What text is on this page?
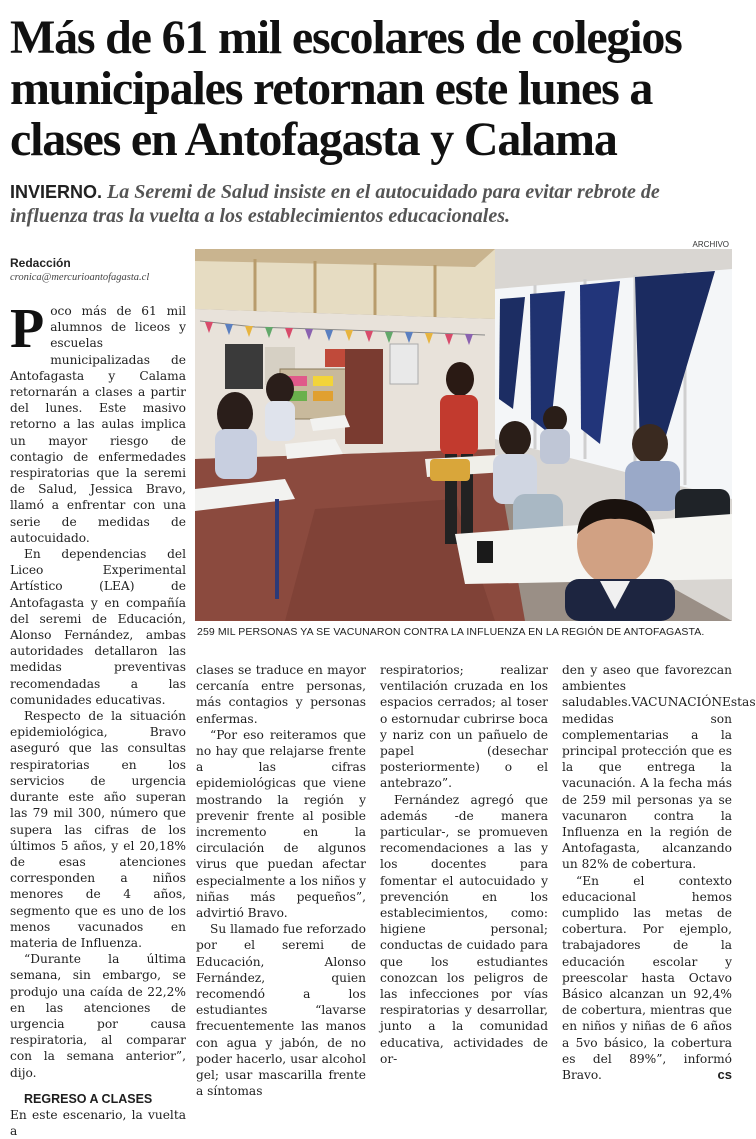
Más de 61 mil escolares de colegios municipales retornan este lunes a clases en Antofagasta y Calama
INVIERNO. La Seremi de Salud insiste en el autocuidado para evitar rebrote de influenza tras la vuelta a los establecimientos educacionales.
Redacción
cronica@mercurioantofagasta.cl
ARCHIVO
259 MIL PERSONAS YA SE VACUNARON CONTRA LA INFLUENZA EN LA REGIÓN DE ANTOFAGASTA.

Poco más de 61 mil alumnos de liceos y escuelas municipalizadas de Antofagasta y Calama retornarán a clases a partir del lunes. Este masivo retorno a las aulas implica un mayor riesgo de contagio de enfermedades respiratorias que la seremi de Salud, Jessica Bravo, llamó a enfrentar con una serie de medidas de autocuidado.

En dependencias del Liceo Experimental Artístico (LEA) de Antofagasta y en compañía del seremi de Educación, Alonso Fernández, ambas autoridades detallaron las medidas preventivas recomendadas a las comunidades educativas.

Respecto de la situación epidemiológica, Bravo aseguró que las consultas respiratorias en los servicios de urgencia durante este año superan las 79 mil 300, número que supera las cifras de los últimos 5 años, y el 20,18% de esas atenciones corresponden a niños menores de 4 años, segmento que es uno de los menos vacunados en materia de Influenza.

“Durante la última semana, sin embargo, se produjo una caída de 22,2% en las atenciones de urgencia por causa respiratoria, al comparar con la semana anterior”, dijo.

REGRESO A CLASES

En este escenario, la vuelta a

clases se traduce en mayor cercanía entre personas, más contagios y personas enfermas.

“Por eso reiteramos que no hay que relajarse frente a las cifras epidemiológicas que viene mostrando la región y prevenir frente al posible incremento en la circulación de algunos virus que puedan afectar especialmente a los niños y niñas más pequeños”, advirtió Bravo.

Su llamado fue reforzado por el seremi de Educación, Alonso Fernández, quien recomendó a los estudiantes “lavarse frecuentemente las manos con agua y jabón, de no poder hacerlo, usar alcohol gel; usar mascarilla frente a síntomas

respiratorios; realizar ventilación cruzada en los espacios cerrados; al toser o estornudar cubrirse boca y nariz con un pañuelo de papel (desechar posteriormente) o el antebrazo”.

Fernández agregó que además -de manera particular-, se promueven recomendaciones a las y los docentes para fomentar el autocuidado y prevención en los establecimientos, como: higiene personal; conductas de cuidado para que los estudiantes conozcan los peligros de las infecciones por vías respiratorias y desarrollar, junto a la comunidad educativa, actividades de or-

den y aseo que favorezcan ambientes saludables.VACUNACIÓNEstas medidas son complementarias a la principal protección que es la que entrega la vacunación. A la fecha más de 259 mil personas ya se vacunaron contra la Influenza en la región de Antofagasta, alcanzando un 82% de cobertura.

“En el contexto educacional hemos cumplido las metas de cobertura. Por ejemplo, trabajadores de la educación escolar y preescolar hasta Octavo Básico alcanzan un 92,4% de cobertura, mientras que en niños y niñas de 6 años a 5vo básico, la cobertura es del 89%”, informó Bravo.	cs
